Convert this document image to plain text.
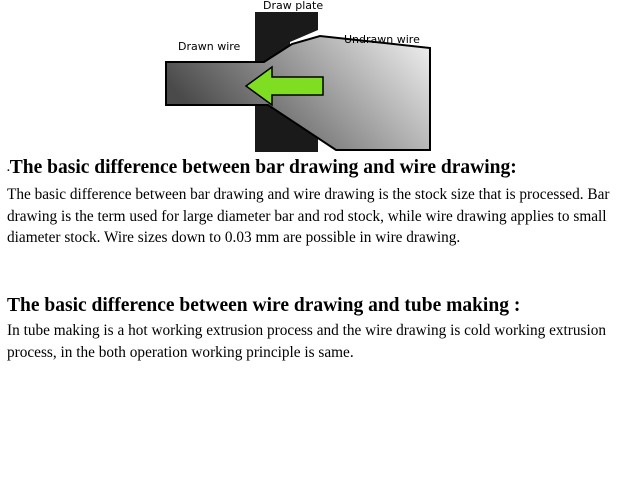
Draw plate
Drawn wire
Undrawn wire

.The basic difference between bar drawing and wire drawing:

The basic difference between bar drawing and wire drawing is the stock size that is processed. Bar drawing is the term used for large diameter bar and rod stock, while wire drawing applies to small diameter stock. Wire sizes down to 0.03 mm are possible in wire drawing.

The basic difference between wire drawing and tube making :

In tube making is a hot working extrusion process and the wire drawing is cold working extrusion process, in the both operation working principle is same.
